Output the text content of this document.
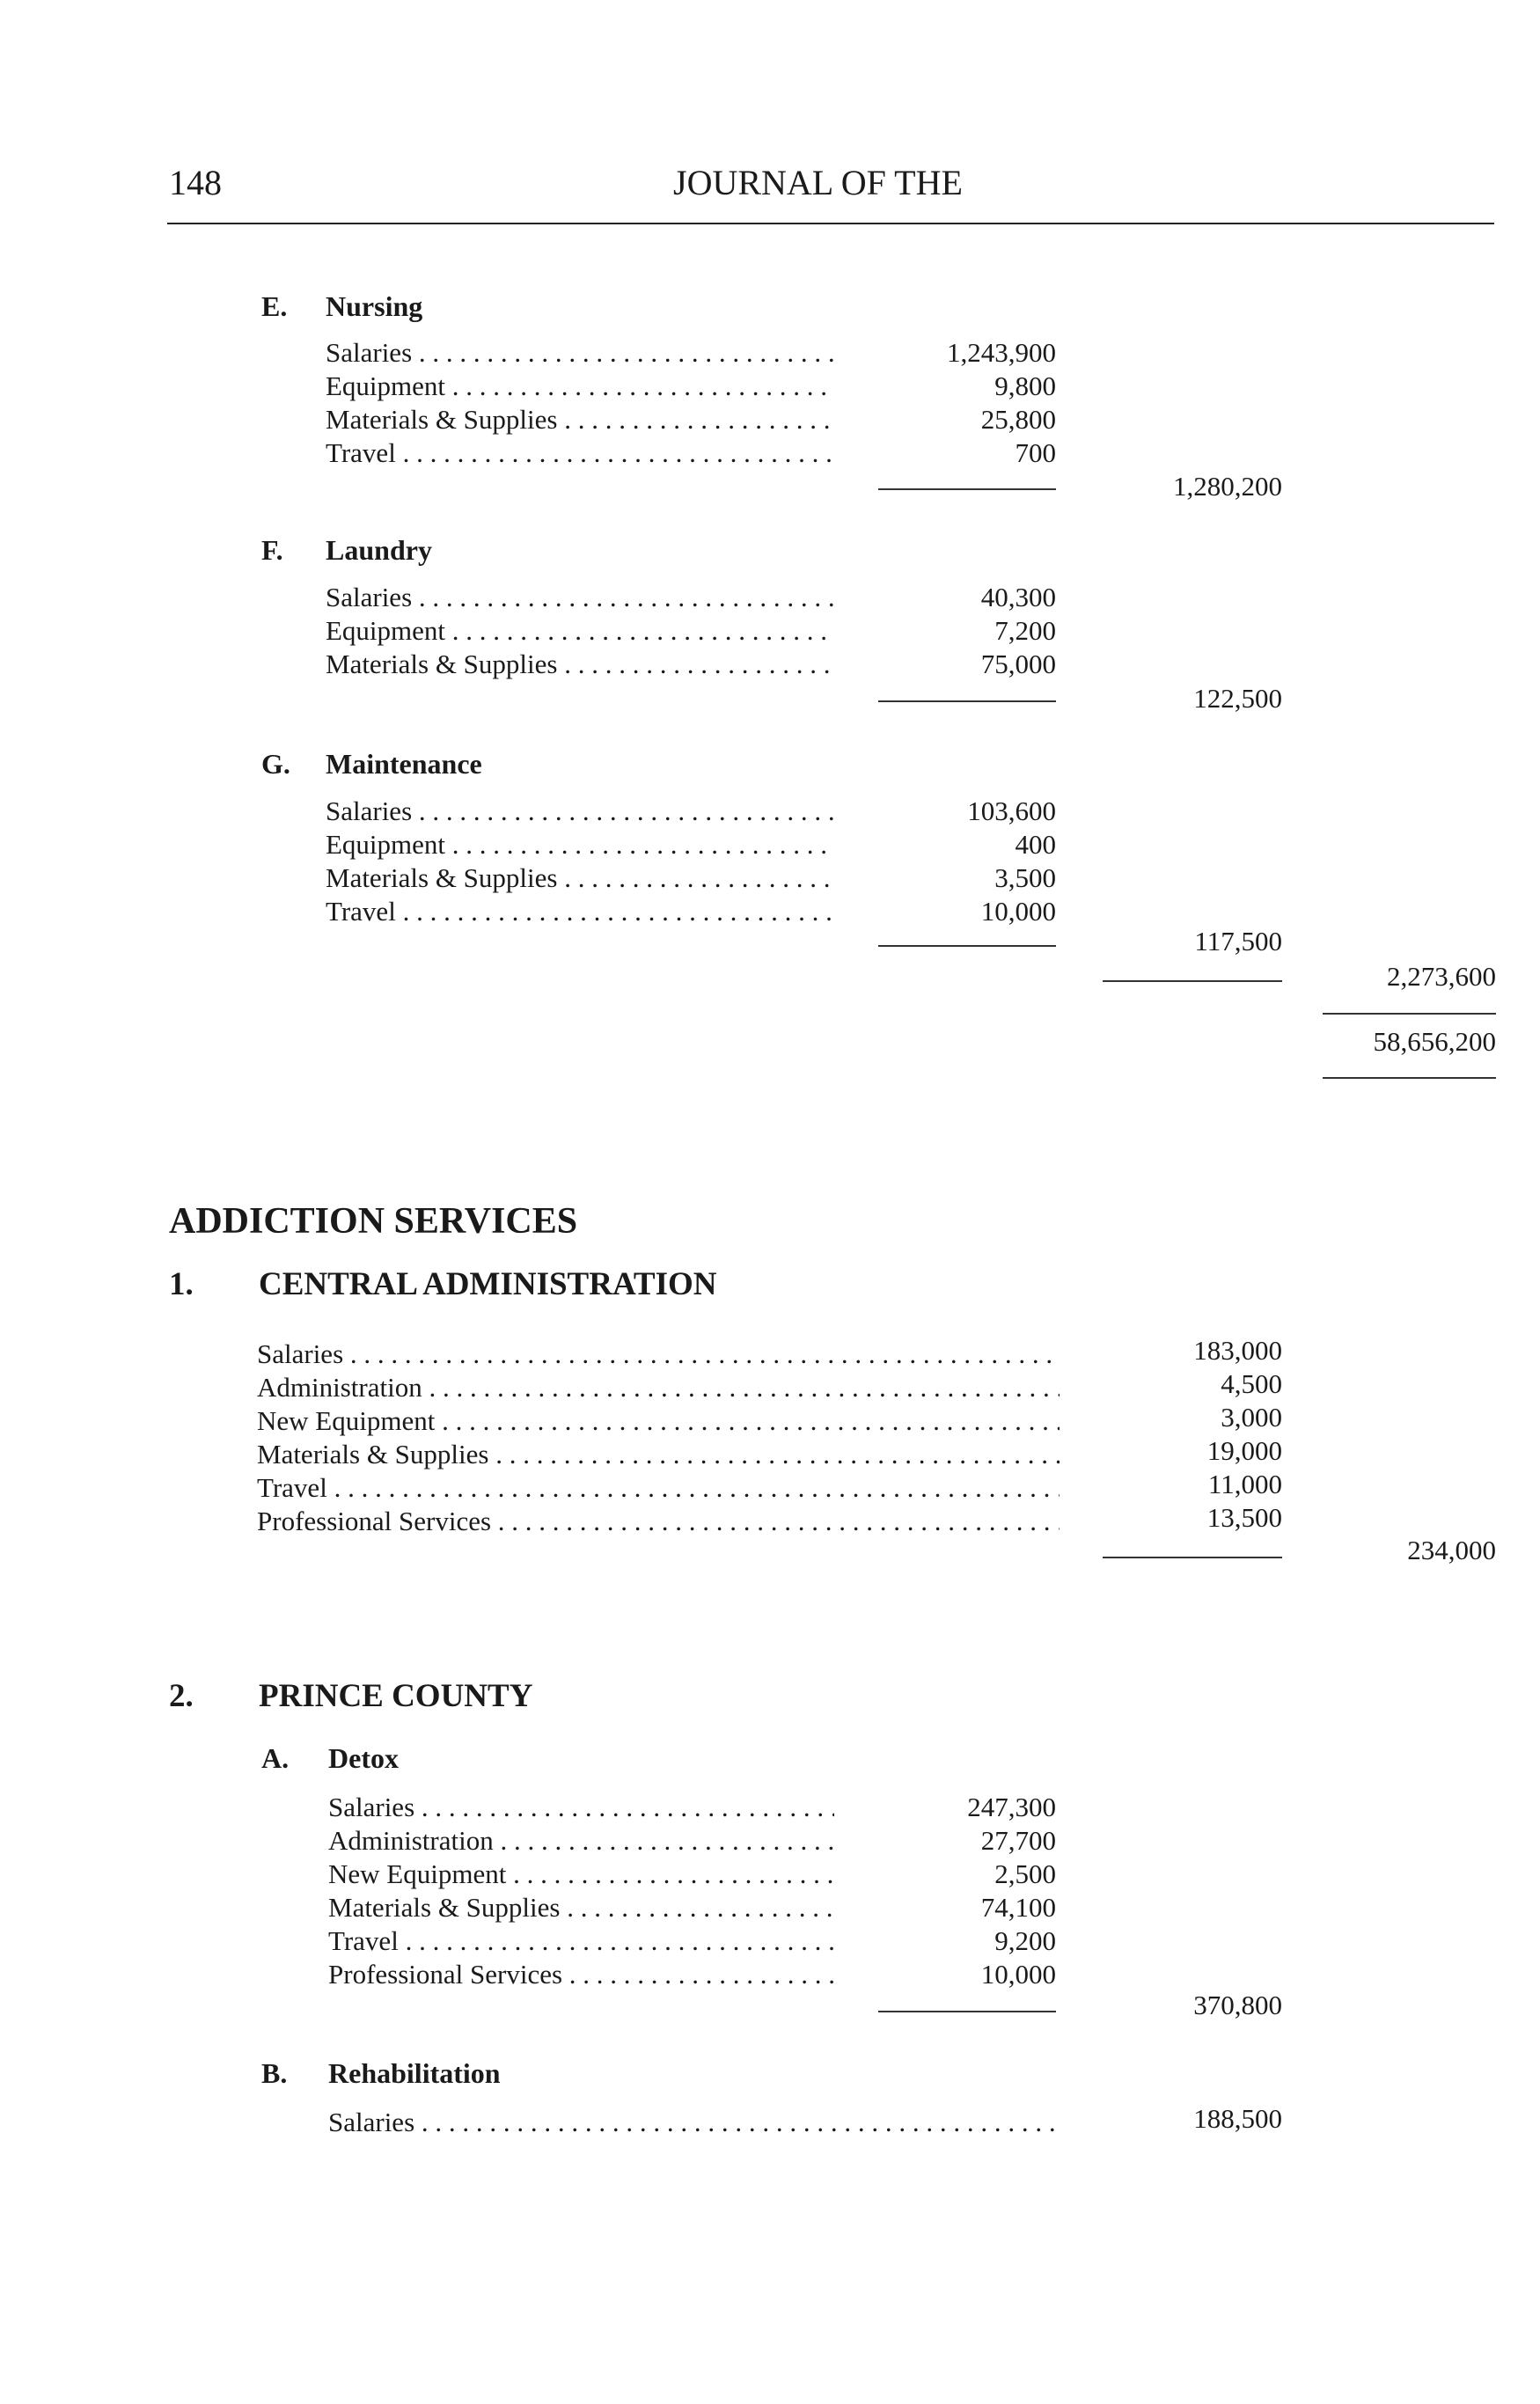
148	JOURNAL OF THE
E. Nursing
Salaries . . .	1,243,900
Equipment . . .	9,800
Materials & Supplies . . .	25,800
Travel . . .	700
1,280,200
F. Laundry
Salaries . . .	40,300
Equipment . . .	7,200
Materials & Supplies . . .	75,000
122,500
G. Maintenance
Salaries . . .	103,600
Equipment . . .	400
Materials & Supplies . . .	3,500
Travel . . .	10,000
117,500
2,273,600
58,656,200
ADDICTION SERVICES
1. CENTRAL ADMINISTRATION
Salaries . . .	183,000
Administration . . .	4,500
New Equipment . . .	3,000
Materials & Supplies . . .	19,000
Travel . . .	11,000
Professional Services . . .	13,500
234,000
2. PRINCE COUNTY
A. Detox
Salaries . . .	247,300
Administration . . .	27,700
New Equipment . . .	2,500
Materials & Supplies . . .	74,100
Travel . . .	9,200
Professional Services . . .	10,000
370,800
B. Rehabilitation
Salaries . . .	188,500
